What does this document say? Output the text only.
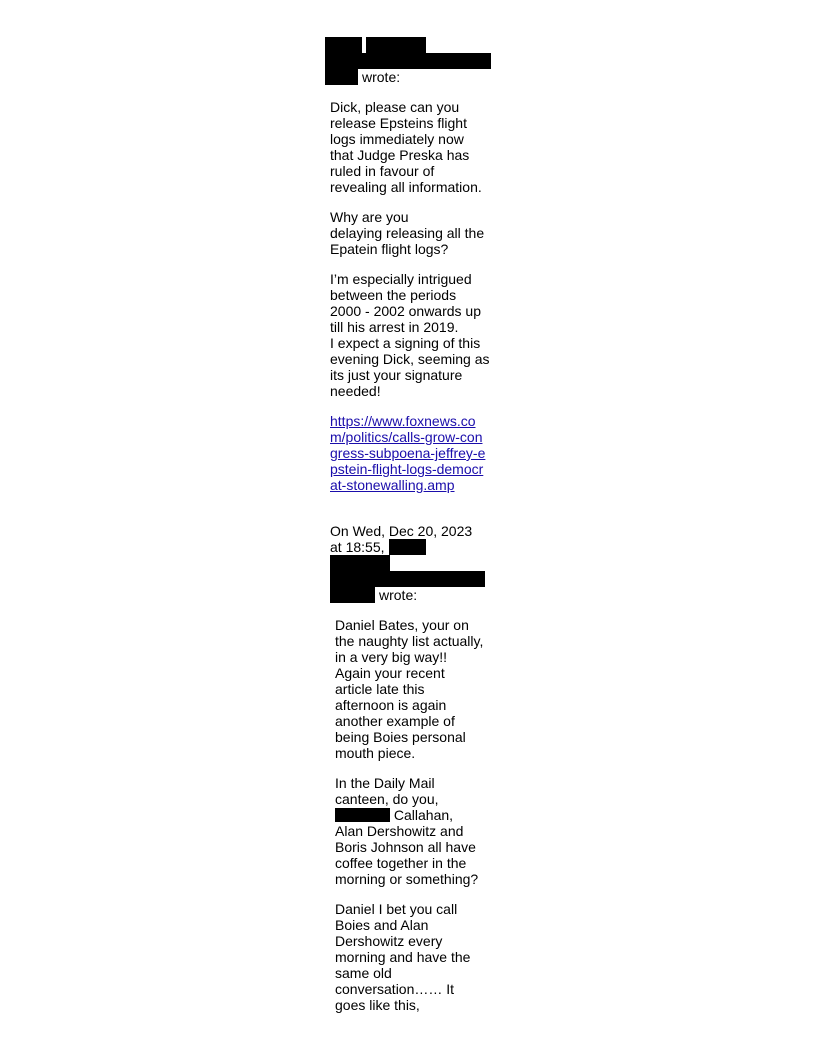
wrote:

Dick, please can you release Epsteins flight logs immediately now that Judge Preska has ruled in favour of revealing all information.

Why are you

delaying releasing all the Epatein flight logs?

I’m especially intrigued between the periods 2000 - 2002 onwards up till his arrest in 2019.

I expect a signing of this evening Dick, seeming as its just your signature needed!

https://www.foxnews.com/politics/calls-grow-congress-subpoena-jeffrey-epstein-flight-logs-democrat-stonewalling.amp

On Wed, Dec 20, 2023
at 18:55,
wrote:

Daniel Bates, your on the naughty list actually, in a very big way!! Again your recent article late this afternoon is again another example of being Boies personal mouth piece.

In the Daily Mail canteen, do you,

Callahan,

Alan Dershowitz and Boris Johnson all have coffee together in the morning or something?

Daniel I bet you call Boies and Alan Dershowitz every morning and have the same old conversation…… It goes like this,
